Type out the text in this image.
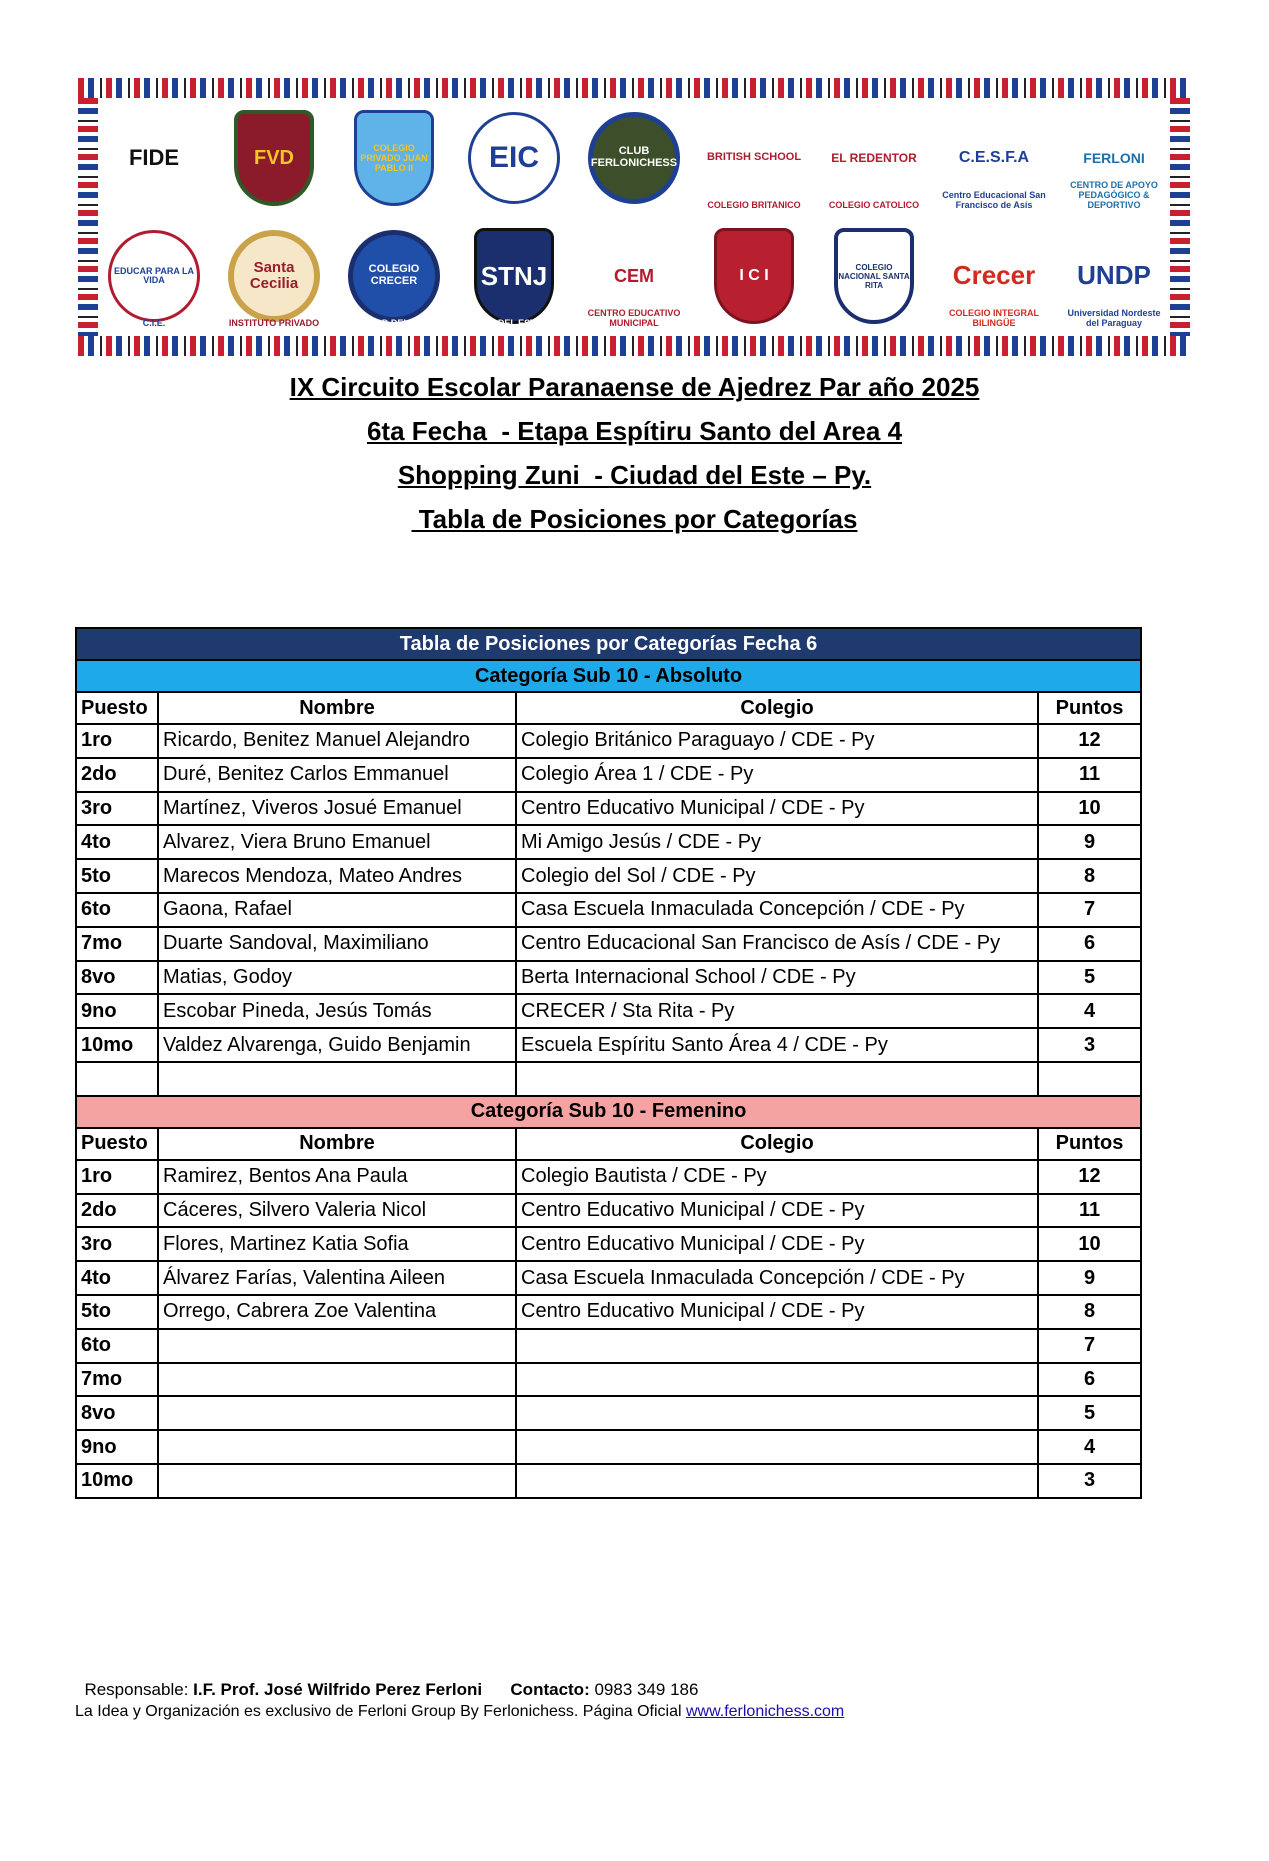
FIDE	FVD	COLEGIO PRIVADO JUAN PABLO II	EIC	CLUB FERLONICHESS	BRITISH SCHOOL
COLEGIO BRITANICO
EL REDENTOR
COLEGIO CATOLICO
C.E.S.F.A
Centro Educacional San Francisco de Asís
FERLONI
CENTRO DE APOYO PEDAGÓGICO & DEPORTIVO
EDUCAR PARA LA VIDA
C.I.E.
Santa Cecilia
INSTITUTO PRIVADO
COLEGIO CRECER
CIUDAD DEL ESTE
STNJ
C. DEL ESTE
CEM
CENTRO EDUCATIVO MUNICIPAL
I C I	COLEGIO NACIONAL SANTA RITA	Crecer
COLEGIO INTEGRAL BILINGÜE
UNDP
Universidad Nordeste del Paraguay
IX Circuito Escolar Paranaense de Ajedrez Par año 2025
6ta Fecha  - Etapa Espítiru Santo del Area 4
Shopping Zuni  - Ciudad del Este – Py.
Tabla de Posiciones por Categorías
Tabla de Posiciones por Categorías Fecha 6			
Categoría Sub 10 - Absoluto			
Puesto	Nombre	Colegio	Puntos
1ro	Ricardo, Benitez Manuel Alejandro	Colegio Británico Paraguayo / CDE - Py	12
2do	Duré, Benitez Carlos Emmanuel	Colegio Área 1 / CDE - Py	11
3ro	Martínez, Viveros Josué Emanuel	Centro Educativo Municipal / CDE - Py	10
4to	Alvarez, Viera Bruno Emanuel	Mi Amigo Jesús / CDE - Py	9
5to	Marecos Mendoza, Mateo Andres	Colegio del Sol / CDE - Py	8
6to	Gaona, Rafael	Casa Escuela Inmaculada Concepción / CDE - Py	7
7mo	Duarte Sandoval, Maximiliano	Centro Educacional San Francisco de Asís / CDE - Py	6
8vo	Matias, Godoy	Berta Internacional School / CDE - Py	5
9no	Escobar Pineda, Jesús Tomás	CRECER / Sta Rita - Py	4
10mo	Valdez Alvarenga, Guido Benjamin	Escuela Espíritu Santo Área 4 / CDE - Py	3

Categoría Sub 10 - Femenino			
Puesto	Nombre	Colegio	Puntos
1ro	Ramirez, Bentos Ana Paula	Colegio Bautista / CDE - Py	12
2do	Cáceres, Silvero Valeria Nicol	Centro Educativo Municipal / CDE - Py	11
3ro	Flores, Martinez Katia Sofia	Centro Educativo Municipal / CDE - Py	10
4to	Álvarez Farías, Valentina Aileen	Casa Escuela Inmaculada Concepción / CDE - Py	9
5to	Orrego, Cabrera Zoe Valentina	Centro Educativo Municipal / CDE - Py	8
6to			7
7mo			6
8vo			5
9no			4
10mo			3

Responsable: I.F. Prof. José Wilfrido Perez Ferloni Contacto: 0983 349 186

La Idea y Organización es exclusivo de Ferloni Group By Ferlonichess. Página Oficial www.ferlonichess.com
